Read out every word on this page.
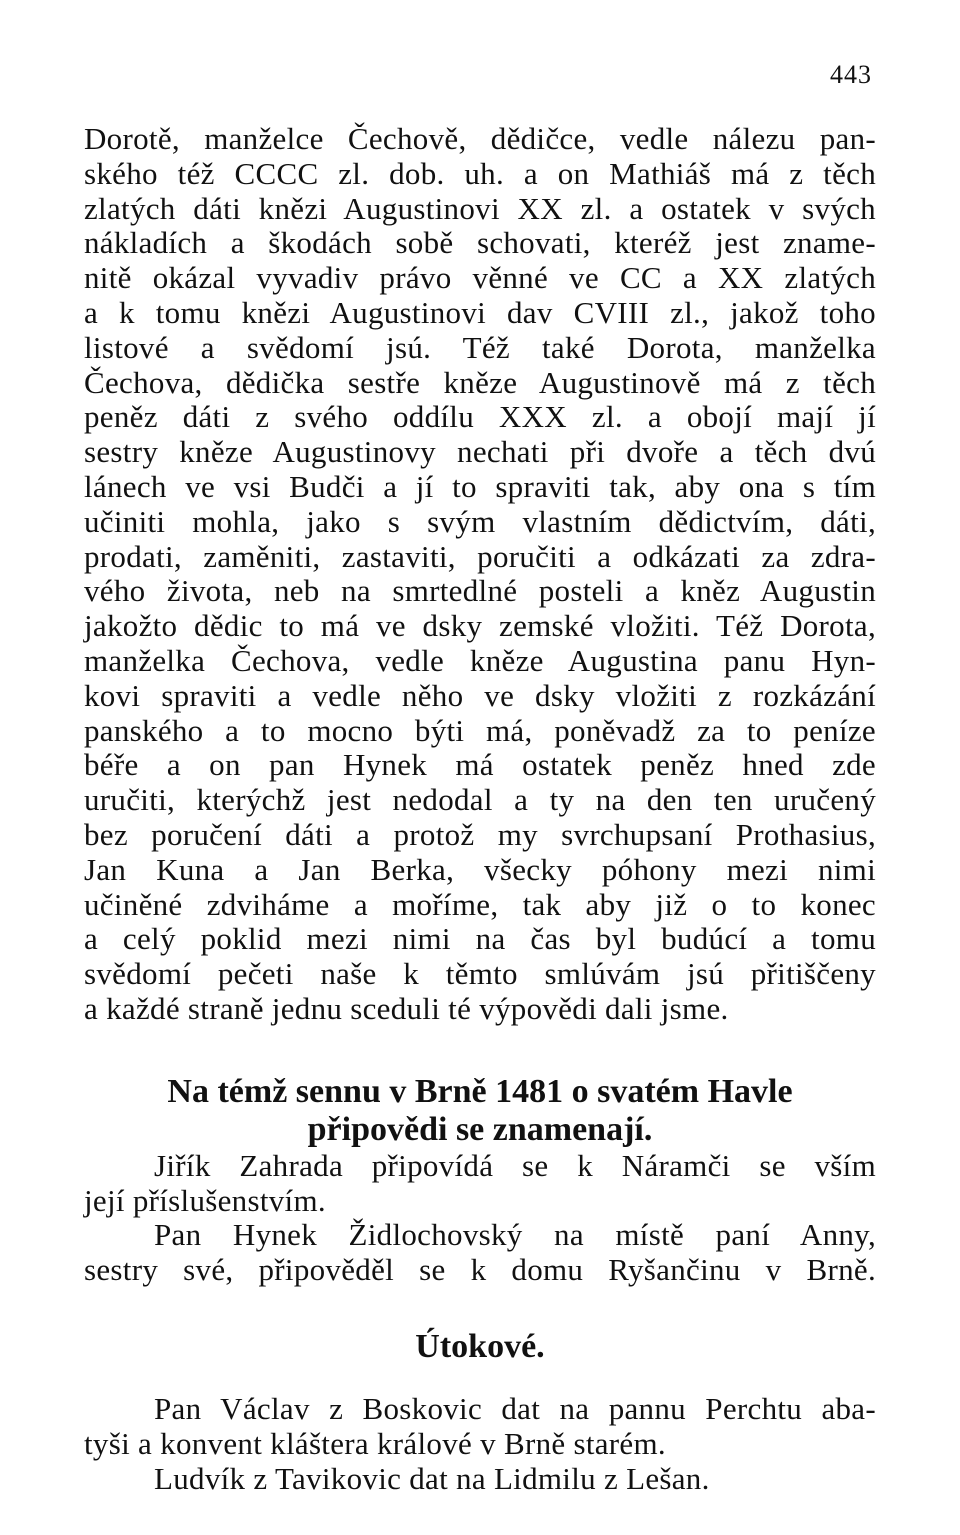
443
Dorotě, manželce Čechově, dědičce, vedle nálezu pan-
ského též CCCC zl. dob. uh. a on Mathiáš má z těch
zlatých dáti knězi Augustinovi XX zl. a ostatek v svých
nákladích a škodách sobě schovati, kteréž jest zname-
nitě okázal vyvadiv právo věnné ve CC a XX zlatých
a k tomu knězi Augustinovi dav CVIII zl., jakož toho
listové a svědomí jsú. Též také Dorota, manželka
Čechova, dědička sestře kněze Augustinově má z těch
peněz dáti z svého oddílu XXX zl. a obojí mají jí
sestry kněze Augustinovy nechati při dvoře a těch dvú
lánech ve vsi Budči a jí to spraviti tak, aby ona s tím
učiniti mohla, jako s svým vlastním dědictvím, dáti,
prodati, zaměniti, zastaviti, poručiti a odkázati za zdra-
vého života, neb na smrtedlné posteli a kněz Augustin
jakožto dědic to má ve dsky zemské vložiti. Též Dorota,
manželka Čechova, vedle kněze Augustina panu Hyn-
kovi spraviti a vedle něho ve dsky vložiti z rozkázání
panského a to mocno býti má, poněvadž za to peníze
béře a on pan Hynek má ostatek peněz hned zde
uručiti, kterýchž jest nedodal a ty na den ten uručený
bez poručení dáti a protož my svrchupsaní Prothasius,
Jan Kuna a Jan Berka, všecky póhony mezi nimi
učiněné zdviháme a moříme, tak aby již o to konec
a celý poklid mezi nimi na čas byl budúcí a tomu
svědomí pečeti naše k těmto smlúvám jsú přitiščeny
a každé straně jednu sceduli té výpovědi dali jsme.
Na témž sennu v Brně 1481 o svatém Havle
připovědi se znamenají.
Jiřík Zahrada připovídá se k Náramči se vším
její příslušenstvím.
Pan Hynek Židlochovský na místě paní Anny,
sestry své, připověděl se k domu Ryšančinu v Brně.
Útokové.
Pan Václav z Boskovic dat na pannu Perchtu aba-
tyši a konvent kláštera králové v Brně starém.
Ludvík z Tavikovic dat na Lidmilu z Lešan.
